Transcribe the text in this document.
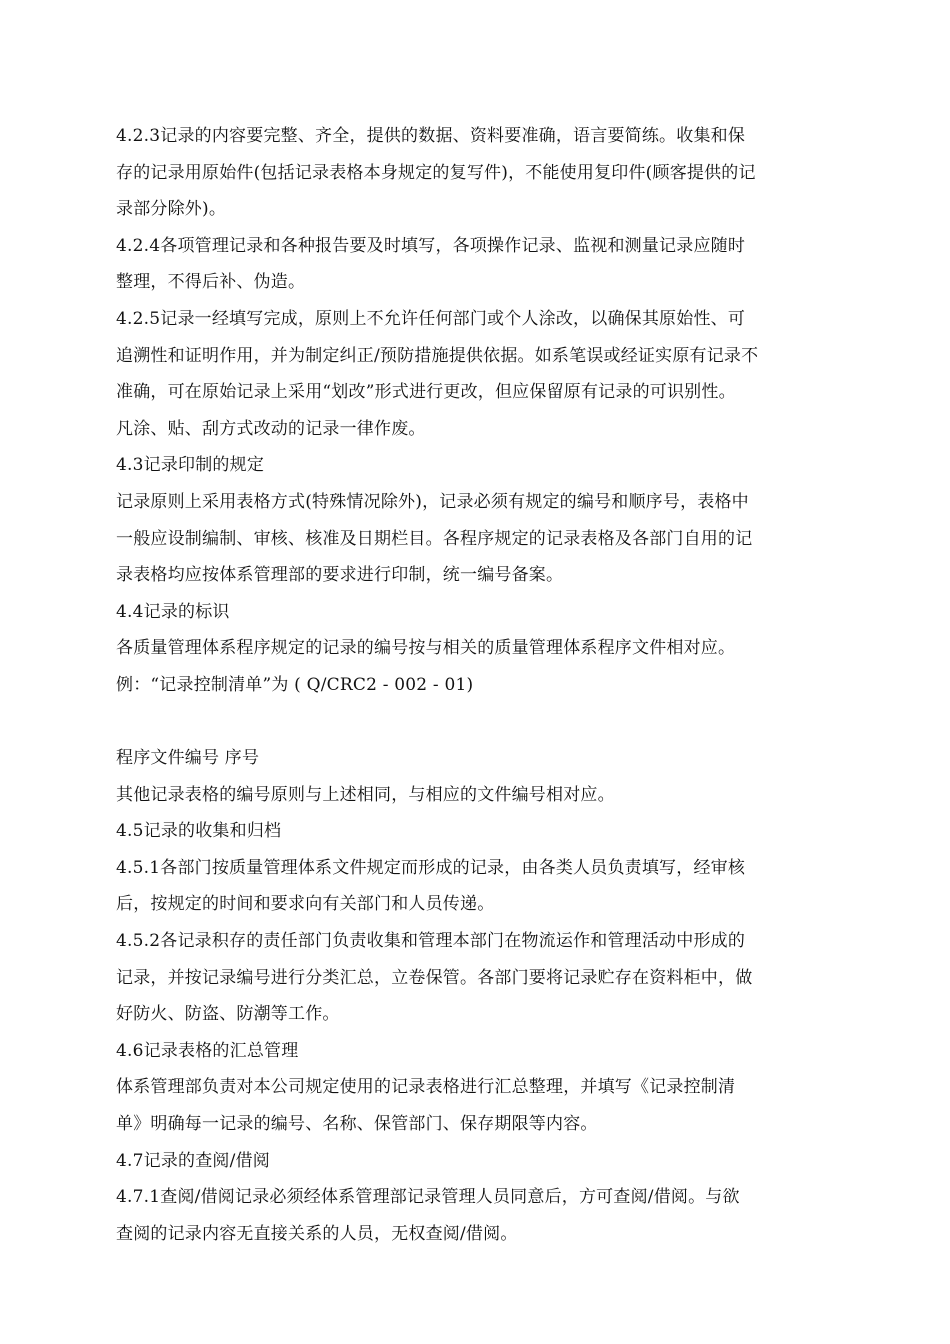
4.2.3记录的内容要完整、齐全，提供的数据、资料要准确，语言要简练。收集和保
存的记录用原始件(包括记录表格本身规定的复写件)，不能使用复印件(顾客提供的记
录部分除外)。
4.2.4各项管理记录和各种报告要及时填写，各项操作记录、监视和测量记录应随时
整理，不得后补、伪造。
4.2.5记录一经填写完成，原则上不允许任何部门或个人涂改，以确保其原始性、可
追溯性和证明作用，并为制定纠正/预防措施提供依据。如系笔误或经证实原有记录不
准确，可在原始记录上采用“划改”形式进行更改，但应保留原有记录的可识别性。
凡涂、贴、刮方式改动的记录一律作废。
4.3记录印制的规定
记录原则上采用表格方式(特殊情况除外)，记录必须有规定的编号和顺序号，表格中
一般应设制编制、审核、核准及日期栏目。各程序规定的记录表格及各部门自用的记
录表格均应按体系管理部的要求进行印制，统一编号备案。
4.4记录的标识
各质量管理体系程序规定的记录的编号按与相关的质量管理体系程序文件相对应。
例：“记录控制清单”为 ( Q/CRC2 - 002 - 01)
程序文件编号 序号
其他记录表格的编号原则与上述相同，与相应的文件编号相对应。
4.5记录的收集和归档
4.5.1各部门按质量管理体系文件规定而形成的记录，由各类人员负责填写，经审核
后，按规定的时间和要求向有关部门和人员传递。
4.5.2各记录积存的责任部门负责收集和管理本部门在物流运作和管理活动中形成的
记录，并按记录编号进行分类汇总，立卷保管。各部门要将记录贮存在资料柜中，做
好防火、防盗、防潮等工作。
4.6记录表格的汇总管理
体系管理部负责对本公司规定使用的记录表格进行汇总整理，并填写《记录控制清
单》明确每一记录的编号、名称、保管部门、保存期限等内容。
4.7记录的查阅/借阅
4.7.1查阅/借阅记录必须经体系管理部记录管理人员同意后，方可查阅/借阅。与欲
查阅的记录内容无直接关系的人员，无权查阅/借阅。
